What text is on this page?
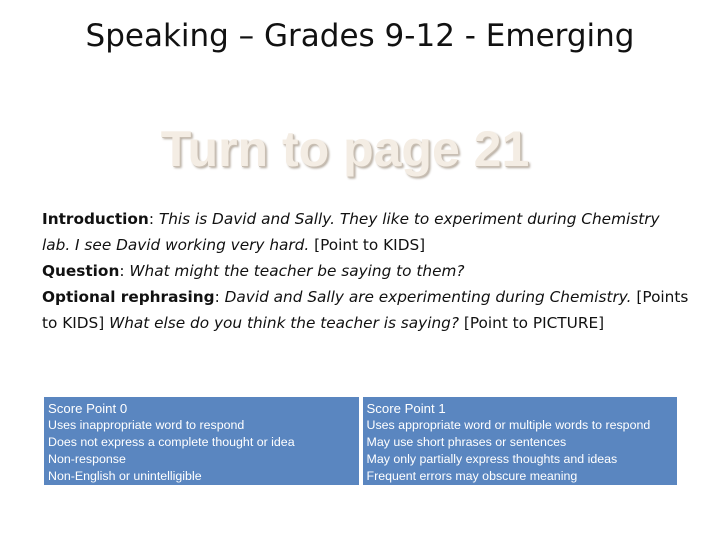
Speaking – Grades 9-12 - Emerging
Turn to page 21

Introduction: This is David and Sally. They like to experiment during Chemistry lab. I see David working very hard. [Point to KIDS]

Question: What might the teacher be saying to them?

Optional rephrasing: David and Sally are experimenting during Chemistry. [Points to KIDS] What else do you think the teacher is saying? [Point to PICTURE]

Score Point 0
Uses inappropriate word to respond
Does not express a complete thought or idea
Non-response
Non-English or unintelligible
Score Point 1
Uses appropriate word or multiple words to respond
May use short phrases or sentences
May only partially express thoughts and ideas
Frequent errors may obscure meaning
